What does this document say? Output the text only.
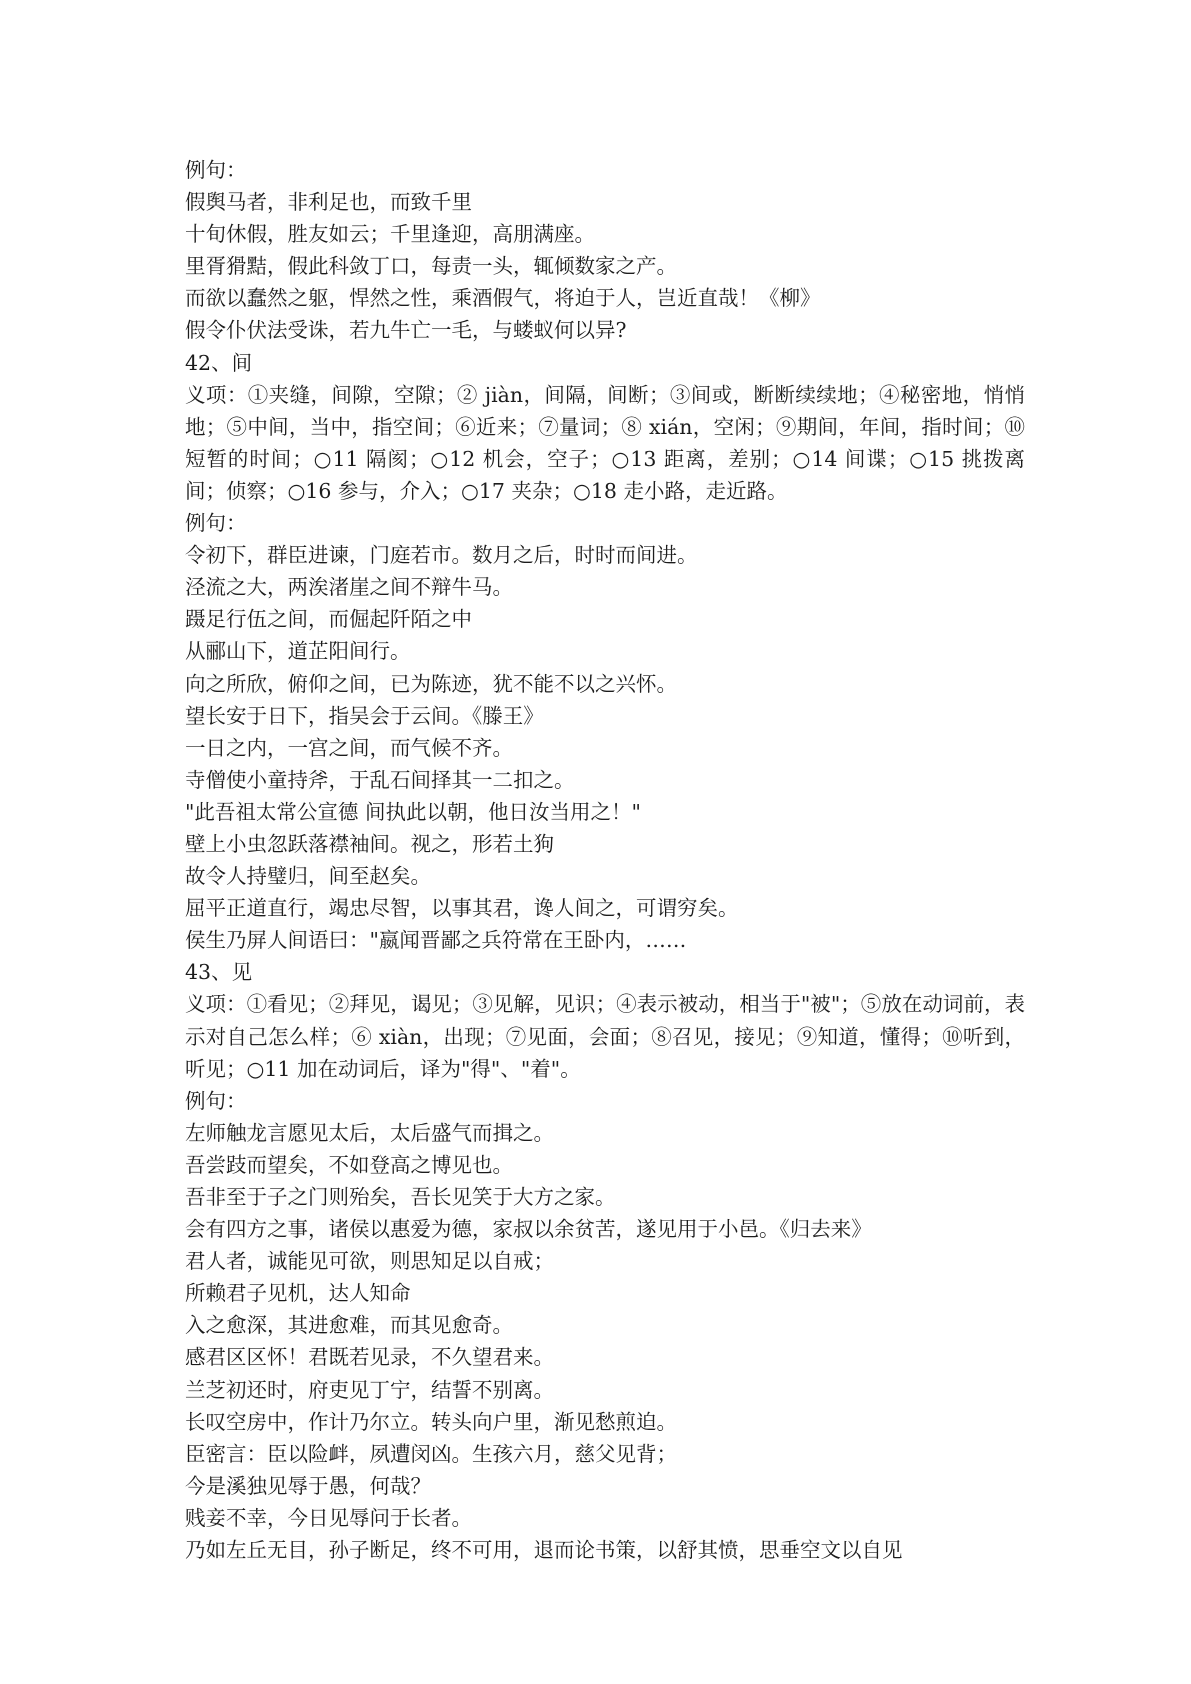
例句：

假舆马者，非利足也，而致千里

十旬休假，胜友如云；千里逢迎，高朋满座。

里胥猾黠，假此科敛丁口，每责一头，辄倾数家之产。

而欲以蠢然之躯，悍然之性，乘酒假气，将迫于人，岂近直哉！《柳》

假令仆伏法受诛，若九牛亡一毛，与蝼蚁何以异?

42、间

义项：①夹缝，间隙，空隙；② jiàn，间隔，间断；③间或，断断续续地；④秘密地，悄悄地；⑤中间，当中，指空间；⑥近来；⑦量词；⑧ xián，空闲；⑨期间，年间，指时间；⑩短暂的时间；○11 隔阂；○12 机会，空子；○13 距离，差别；○14 间谍；○15 挑拨离间；侦察；○16 参与，介入；○17 夹杂；○18 走小路，走近路。

例句：

令初下，群臣进谏，门庭若市。数月之后，时时而间进。

泾流之大，两涘渚崖之间不辩牛马。

蹑足行伍之间，而倔起阡陌之中

从郦山下，道芷阳间行。

向之所欣，俯仰之间，已为陈迹，犹不能不以之兴怀。

望长安于日下，指吴会于云间。《滕王》

一日之内，一宫之间，而气候不齐。

寺僧使小童持斧，于乱石间择其一二扣之。

"此吾祖太常公宣德 间执此以朝，他日汝当用之！"

壁上小虫忽跃落襟袖间。视之，形若土狗

故令人持璧归，间至赵矣。

屈平正道直行，竭忠尽智，以事其君，谗人间之，可谓穷矣。

侯生乃屏人间语曰："嬴闻晋鄙之兵符常在王卧内，……

43、见

义项：①看见；②拜见，谒见；③见解，见识；④表示被动，相当于"被"；⑤放在动词前，表示对自己怎么样；⑥ xiàn，出现；⑦见面，会面；⑧召见，接见；⑨知道，懂得；⑩听到，听见；○11 加在动词后，译为"得"、"着"。

例句：

左师触龙言愿见太后，太后盛气而揖之。

吾尝跂而望矣，不如登高之博见也。

吾非至于子之门则殆矣，吾长见笑于大方之家。

会有四方之事，诸侯以惠爱为德，家叔以余贫苦，遂见用于小邑。《归去来》

君人者，诚能见可欲，则思知足以自戒；

所赖君子见机，达人知命

入之愈深，其进愈难，而其见愈奇。

感君区区怀！君既若见录，不久望君来。

兰芝初还时，府吏见丁宁，结誓不别离。

长叹空房中，作计乃尔立。转头向户里，渐见愁煎迫。

臣密言：臣以险衅，夙遭闵凶。生孩六月，慈父见背；

今是溪独见辱于愚，何哉？

贱妾不幸，今日见辱问于长者。

乃如左丘无目，孙子断足，终不可用，退而论书策，以舒其愤，思垂空文以自见
